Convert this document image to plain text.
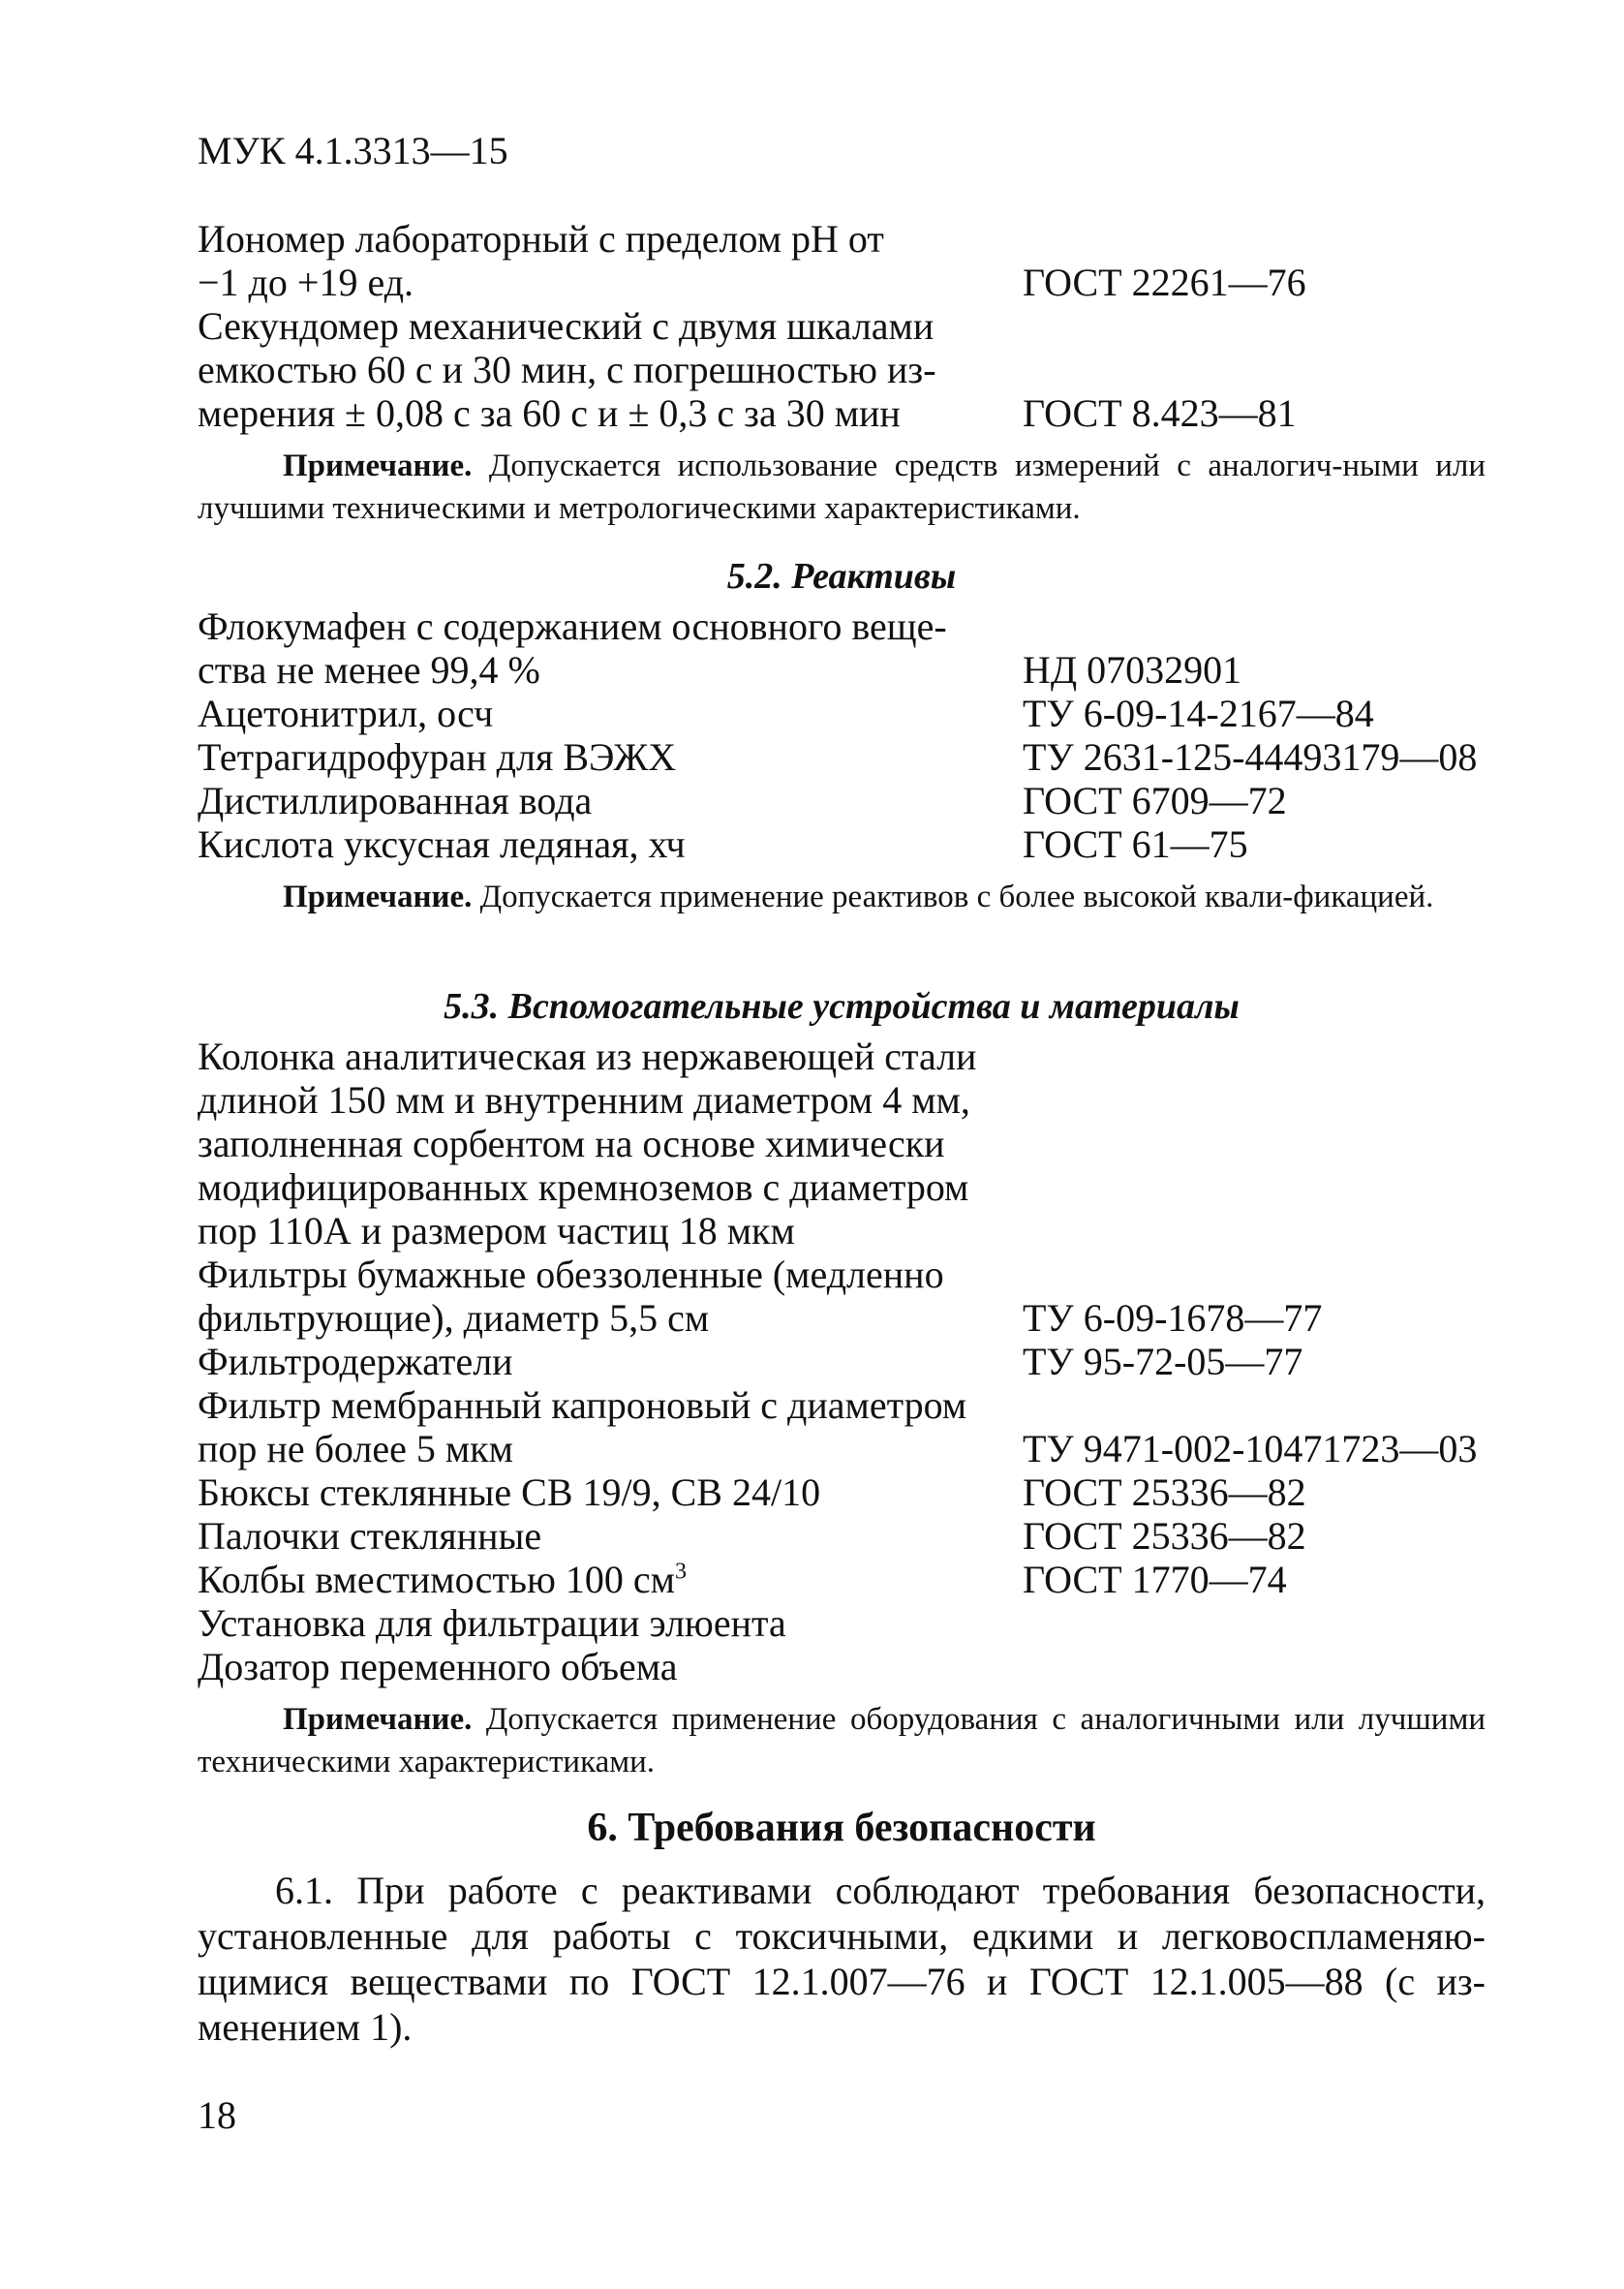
МУК 4.1.3313—15
Иономер лабораторный с пределом pH от
−1 до +19 ед.	ГОСТ 22261—76
Секундомер механический с двумя шкалами
емкостью 60 с и 30 мин, с погрешностью из-
мерения ± 0,08 с за 60 с и ± 0,3 с за 30 мин	ГОСТ 8.423—81
Примечание. Допускается использование средств измерений с аналогич-ными или лучшими техническими и метрологическими характеристиками.
5.2. Реактивы
Флокумафен с содержанием основного веще-
ства не менее 99,4 %	НД 07032901
Ацетонитрил, осч	ТУ 6-09-14-2167—84
Тетрагидрофуран для ВЭЖХ	ТУ 2631-125-44493179—08
Дистиллированная вода	ГОСТ 6709—72
Кислота уксусная ледяная, хч	ГОСТ 61—75
Примечание. Допускается применение реактивов с более высокой квали-фикацией.
5.3. Вспомогательные устройства и материалы
Колонка аналитическая из нержавеющей стали
длиной 150 мм и внутренним диаметром 4 мм,
заполненная сорбентом на основе химически
модифицированных кремноземов с диаметром
пор 110А и размером частиц 18 мкм
Фильтры бумажные обеззоленные (медленно
фильтрующие), диаметр 5,5 см	ТУ 6-09-1678—77
Фильтродержатели	ТУ 95-72-05—77
Фильтр мембранный капроновый с диаметром
пор не более 5 мкм	ТУ 9471-002-10471723—03
Бюксы стеклянные СВ 19/9, СВ 24/10	ГОСТ 25336—82
Палочки стеклянные	ГОСТ 25336—82
Колбы вместимостью 100 $см^3$	ГОСТ 1770—74
Установка для фильтрации элюента
Дозатор переменного объема
Примечание. Допускается применение оборудования с аналогичными или лучшими техническими характеристиками.
6. Требования безопасности
6.1. При работе с реактивами соблюдают требования безопасности, установленные для работы с токсичными, едкими и легковоспламеняю-щимися веществами по ГОСТ 12.1.007—76 и ГОСТ 12.1.005—88 (с из-менением 1).
18
